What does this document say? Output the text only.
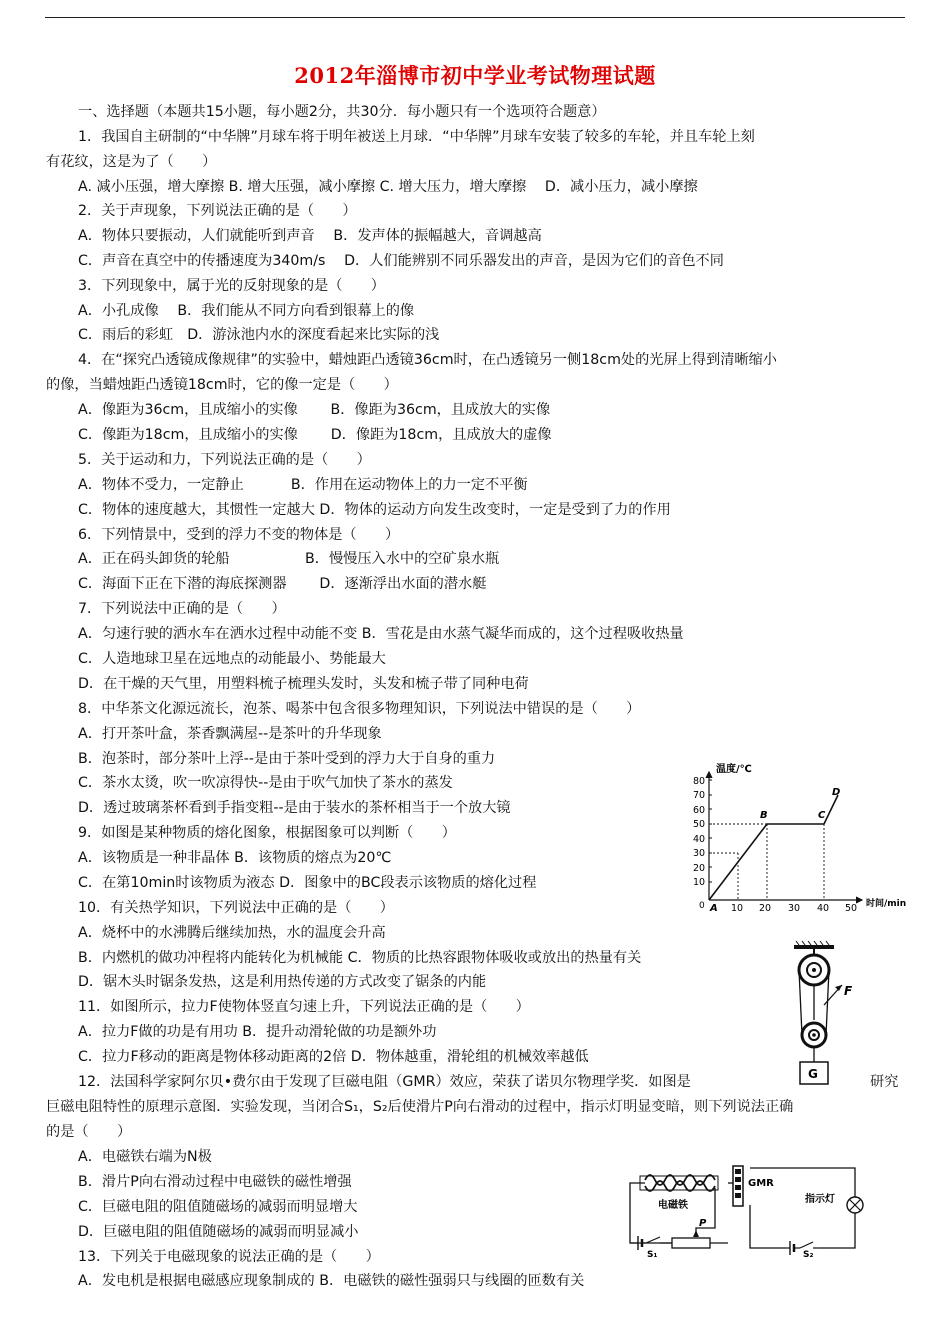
2012年淄博市初中学业考试物理试题
一、选择题（本题共15小题，每小题2分，共30分．每小题只有一个选项符合题意）
1．我国自主研制的“中华牌”月球车将于明年被送上月球．“中华牌”月球车安装了较多的车轮，并且车轮上刻
有花纹，这是为了（　　）
A. 减小压强，增大摩擦 B. 增大压强，减小摩擦 C. 增大压力，增大摩擦　 D．减小压力，减小摩擦
2．关于声现象，下列说法正确的是（　　）
A．物体只要振动，人们就能听到声音　 B．发声体的振幅越大，音调越高
C．声音在真空中的传播速度为340m/s　 D．人们能辨别不同乐器发出的声音，是因为它们的音色不同
3．下列现象中，属于光的反射现象的是（　　）
A．小孔成像　 B．我们能从不同方向看到银幕上的像
C．雨后的彩虹　D．游泳池内水的深度看起来比实际的浅
4．在“探究凸透镜成像规律”的实验中，蜡烛距凸透镜36cm时，在凸透镜另一侧18cm处的光屏上得到清晰缩小
的像，当蜡烛距凸透镜18cm时，它的像一定是（　　）
A．像距为36cm，且成缩小的实像　　 B．像距为36cm，且成放大的实像
C．像距为18cm，且成缩小的实像　　 D．像距为18cm，且成放大的虚像
5．关于运动和力，下列说法正确的是（　　）
A．物体不受力，一定静止　　　 B．作用在运动物体上的力一定不平衡
C．物体的速度越大，其惯性一定越大 D．物体的运动方向发生改变时，一定是受到了力的作用
6．下列情景中，受到的浮力不变的物体是（　　）
A．正在码头卸货的轮船　　　　　 B．慢慢压入水中的空矿泉水瓶
C．海面下正在下潜的海底探测器　　 D．逐渐浮出水面的潜水艇
7．下列说法中正确的是（　　）
A．匀速行驶的洒水车在洒水过程中动能不变 B．雪花是由水蒸气凝华而成的，这个过程吸收热量
C．人造地球卫星在远地点的动能最小、势能最大
D．在干燥的天气里，用塑料梳子梳理头发时，头发和梳子带了同种电荷
8．中华茶文化源远流长，泡茶、喝茶中包含很多物理知识，下列说法中错误的是（　　）
A．打开茶叶盒，茶香飘满屋--是茶叶的升华现象
B．泡茶时，部分茶叶上浮--是由于茶叶受到的浮力大于自身的重力
C．茶水太烫，吹一吹凉得快--是由于吹气加快了茶水的蒸发
D．透过玻璃茶杯看到手指变粗--是由于装水的茶杯相当于一个放大镜
9．如图是某种物质的熔化图象，根据图象可以判断（　　）
A．该物质是一种非晶体 B．该物质的熔点为20℃
C．在第10min时该物质为液态 D．图象中的BC段表示该物质的熔化过程
10．有关热学知识，下列说法中正确的是（　　）
A．烧杯中的水沸腾后继续加热，水的温度会升高
B．内燃机的做功冲程将内能转化为机械能 C．物质的比热容跟物体吸收或放出的热量有关
D．锯木头时锯条发热，这是利用热传递的方式改变了锯条的内能
11．如图所示，拉力F使物体竖直匀速上升，下列说法正确的是（　　）
A．拉力F做的功是有用功 B．提升动滑轮做的功是额外功
C．拉力F移动的距离是物体移动距离的2倍 D．物体越重，滑轮组的机械效率越低
12．法国科学家阿尔贝•费尔由于发现了巨磁电阻（GMR）效应，荣获了诺贝尔物理学奖．如图是	研究
巨磁电阻特性的原理示意图．实验发现，当闭合S₁，S₂后使滑片P向右滑动的过程中，指示灯明显变暗，则下列说法正确
的是（　　）
A．电磁铁右端为N极
B．滑片P向右滑动过程中电磁铁的磁性增强
C．巨磁电阻的阻值随磁场的减弱而明显增大
D．巨磁电阻的阻值随磁场的减弱而明显减小
13．下列关于电磁现象的说法正确的是（　　）
A．发电机是根据电磁感应现象制成的 B．电磁铁的磁性强弱只与线圈的匝数有关
温度/℃
时间/min
80
70
60
50
40
30
20
10
10 20 30 40 50
0 A
B	C
D
F
G
电磁铁
GMR
指示灯
P
S₁	S₂
